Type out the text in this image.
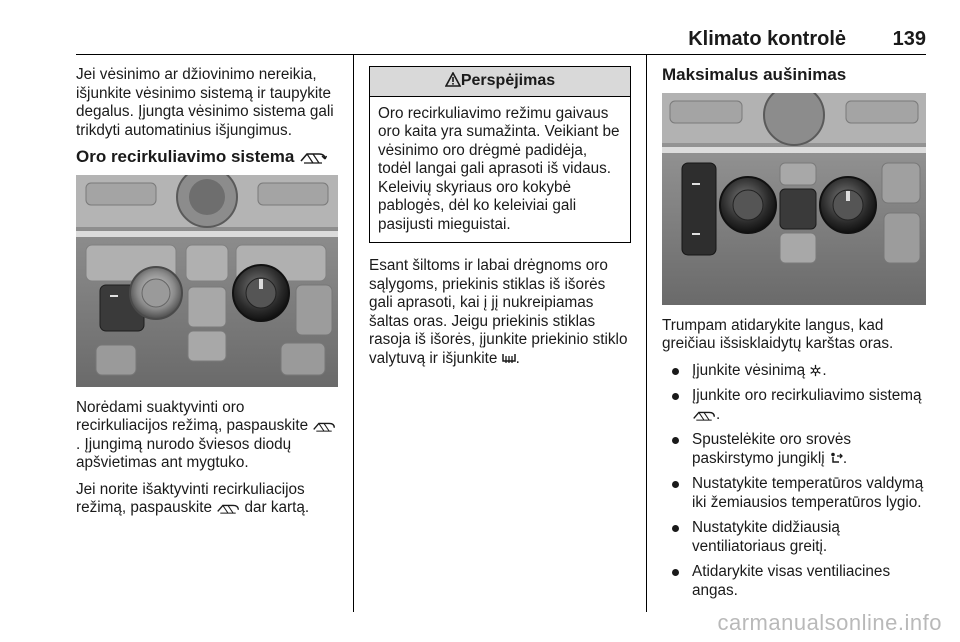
Klimato kontrolė 139

Jei vėsinimo ar džiovinimo nereikia, išjunkite vėsinimo sistemą ir taupykite degalus. Įjungta vėsinimo sistema gali trikdyti automatinius išjungimus.

Oro recirkuliavimo sistema

Norėdami suaktyvinti oro recirkuliacijos režimą, paspauskite . Įjungimą nurodo šviesos diodų apšvietimas ant mygtuko.

Jei norite išaktyvinti recirkuliacijos režimą, paspauskite dar kartą.

Perspėjimas
Oro recirkuliavimo režimu gaivaus oro kaita yra sumažinta. Veikiant be vėsinimo oro drėgmė padidėja, todėl langai gali aprasoti iš vidaus. Keleivių skyriaus oro kokybė pablogės, dėl ko keleiviai gali pasijusti mieguistai.

Esant šiltoms ir labai drėgnoms oro sąlygoms, priekinis stiklas iš išorės gali aprasoti, kai į jį nukreipiamas šaltas oras. Jeigu priekinis stiklas rasoja iš išorės, įjunkite priekinio stiklo valytuvą ir išjunkite .

Maksimalus aušinimas

Trumpam atidarykite langus, kad greičiau išsisklaidytų karštas oras.

Įjunkite vėsinimą .
Įjunkite oro recirkuliavimo sistemą .
Spustelėkite oro srovės paskirstymo jungiklį .
Nustatykite temperatūros valdymą iki žemiausios temperatūros lygio.
Nustatykite didžiausią ventiliatoriaus greitį.
Atidarykite visas ventiliacines angas.
carmanualsonline.info
